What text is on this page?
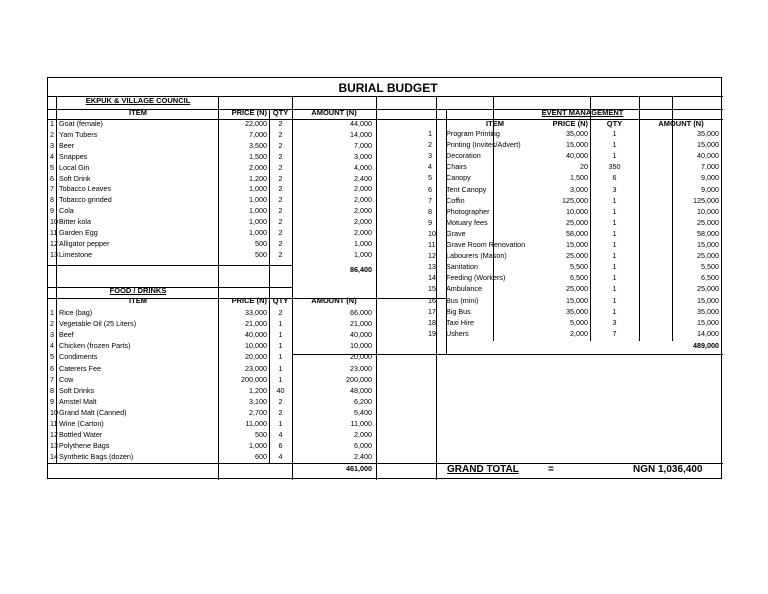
BURIAL BUDGET
EKPUK & VILLAGE COUNCIL
ITEM	PRICE (N) QTY	AMOUNT (N)
1 Goat (female)	22,000	2	44,000
2 Yam Tubers	7,000	2	14,000
3 Beer	3,500	2	7,000
4 Snappes	1,500	2	3,000
5 Local Gin	2,000	2	4,000
6 Soft Drink	1,200	2	2,400
7 Tobacco Leaves	1,000	2	2,000
8 Tobacco grinded	1,000	2	2,000
9 Cola	1,000	2	2,000
10 Bitter kola	1,000	2	2,000
11 Garden Egg	1,000	2	2,000
12 Alligator pepper	500	2	1,000
13 Limestone	500	2	1,000
86,400
FOOD / DRINKS
ITEM	PRICE (N) QTY	AMOUNT (N)
1 Rice (bag)	33,000	2	66,000
2 Vegetable Oil (25 Liters)	21,000	1	21,000
3 Beef	40,000	1	40,000
4 Chicken (frozen Parts)	10,000	1	10,000
5 Condiments	20,000	1	20,000
6 Caterers Fee	23,000	1	23,000
7 Cow	200,000	1	200,000
8 Soft Drinks	1,200	40	48,000
9 Amstel Malt	3,100	2	6,200
10 Grand Malt (Canned)	2,700	2	5,400
11 Wine (Carton)	11,000	1	11,000
12 Bottled Water	500	4	2,000
13 Polythene Bags	1,000	6	6,000
14 Synthetic Bags (dozen)	600	4	2,400
461,000
EVENT MANAGEMENT
ITEM	PRICE (N)	QTY	AMOUNT (N)
1 Program Printing	35,000	1	35,000
2 Printing (Invites/Advert)	15,000	1	15,000
3 Decoration	40,000	1	40,000
4 Chairs	20	350	7,000
5 Canopy	1,500	6	9,000
6 Tent Canopy	3,000	3	9,000
7 Coffin	125,000	1	125,000
8 Photographer	10,000	1	10,000
9 Motuary fees	25,000	1	25,000
10 Grave	58,000	1	58,000
11 Grave Room Renovation	15,000	1	15,000
12 Labourers (Mason)	25,000	1	25,000
13 Sanitation	5,500	1	5,500
14 Feeding (Workers)	6,500	1	6,500
15 Ambulance	25,000	1	25,000
16 Bus (mini)	15,000	1	15,000
17 Big Bus	35,000	1	35,000
18 Taxi Hire	5,000	3	15,000
19 Ushers	2,000	7	14,000
489,000
GRAND TOTAL	=	NGN 1,036,400
